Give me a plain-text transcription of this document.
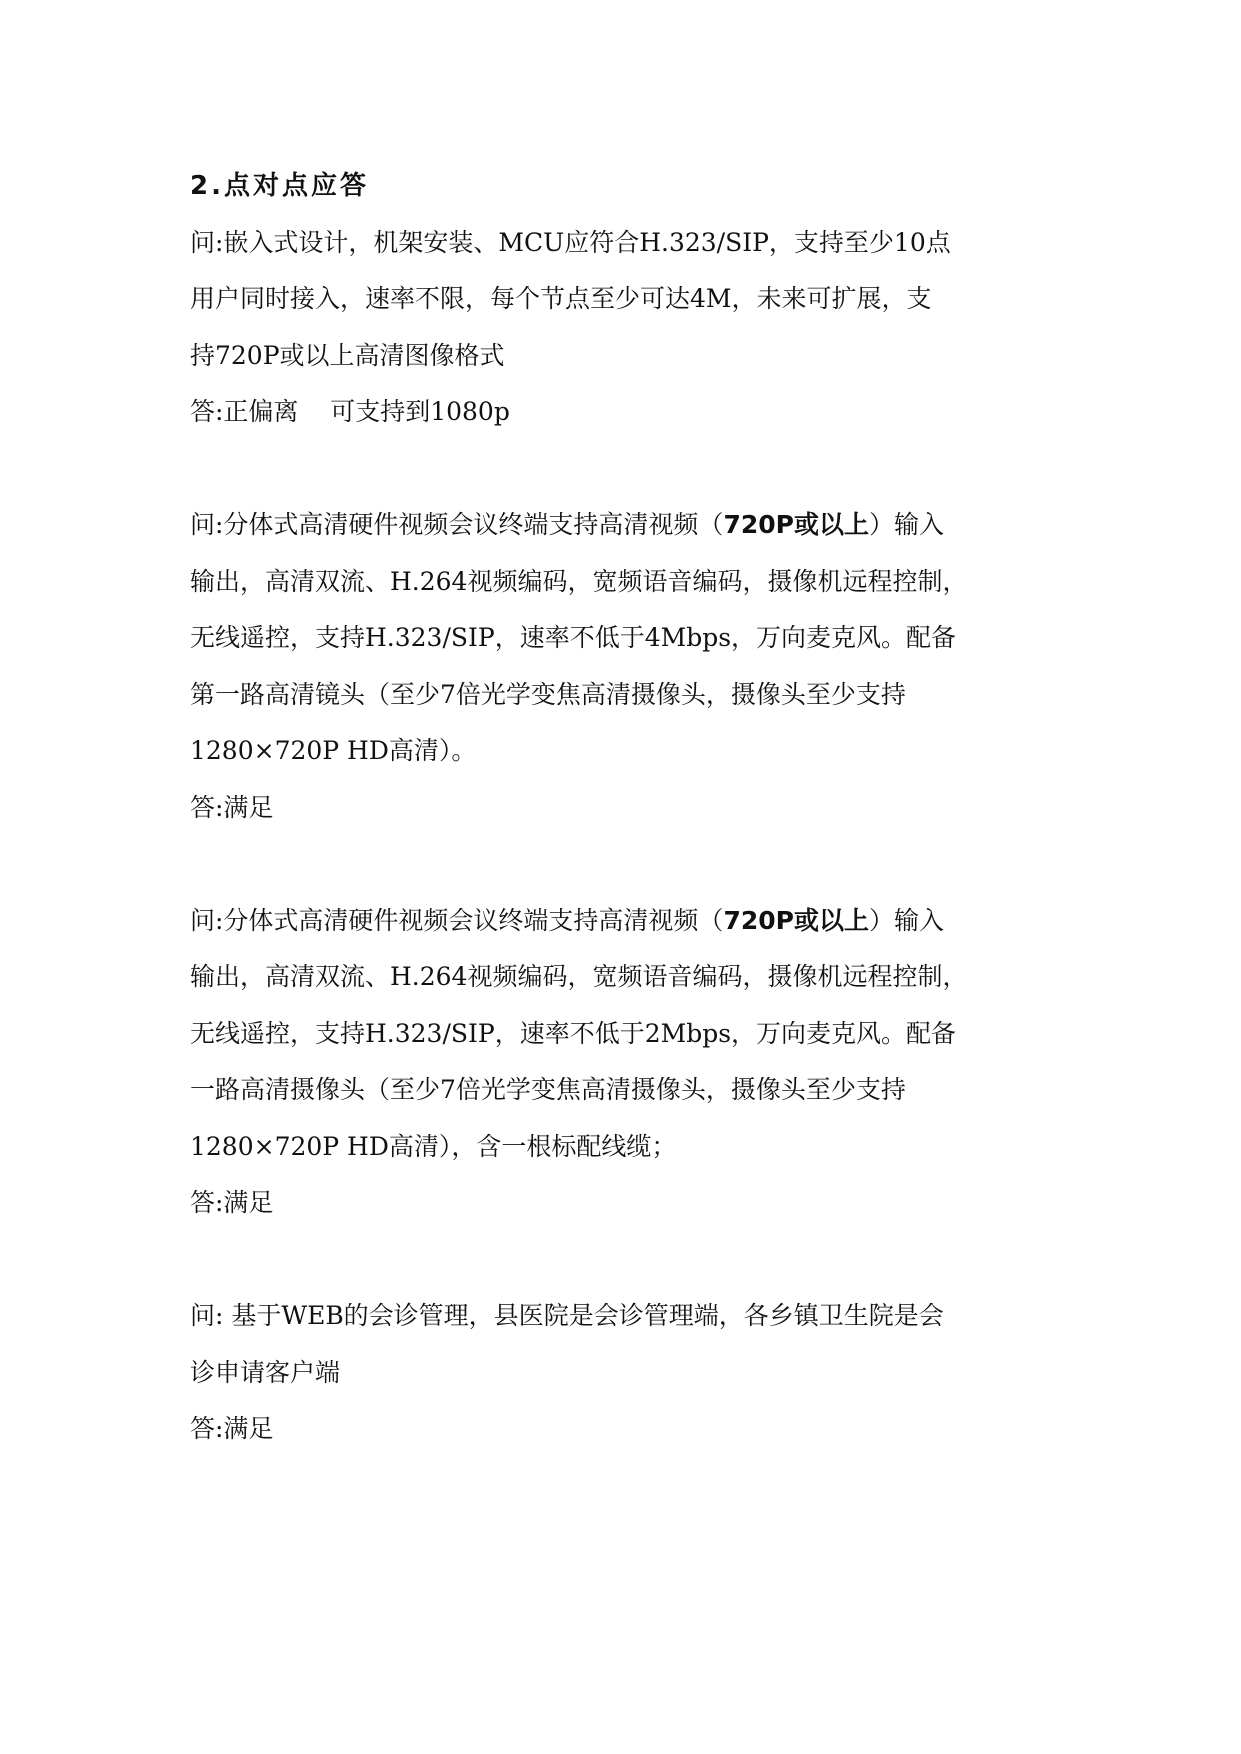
2.点对点应答

问:嵌入式设计，机架安装、MCU应符合H.323/SIP，支持至少10点

用户同时接入，速率不限，每个节点至少可达4M，未来可扩展，支

持720P或以上高清图像格式

答:正偏离    可支持到1080p

问:分体式高清硬件视频会议终端支持高清视频（720P或以上）输入

输出，高清双流、H.264视频编码，宽频语音编码，摄像机远程控制，

无线遥控，支持H.323/SIP，速率不低于4Mbps，万向麦克风。配备

第一路高清镜头（至少7倍光学变焦高清摄像头，摄像头至少支持

1280×720P HD高清）。

答:满足

问:分体式高清硬件视频会议终端支持高清视频（720P或以上）输入

输出，高清双流、H.264视频编码，宽频语音编码，摄像机远程控制，

无线遥控，支持H.323/SIP，速率不低于2Mbps，万向麦克风。配备

一路高清摄像头（至少7倍光学变焦高清摄像头，摄像头至少支持

1280×720P HD高清），含一根标配线缆；

答:满足

问: 基于WEB的会诊管理，县医院是会诊管理端，各乡镇卫生院是会

诊申请客户端

答:满足
